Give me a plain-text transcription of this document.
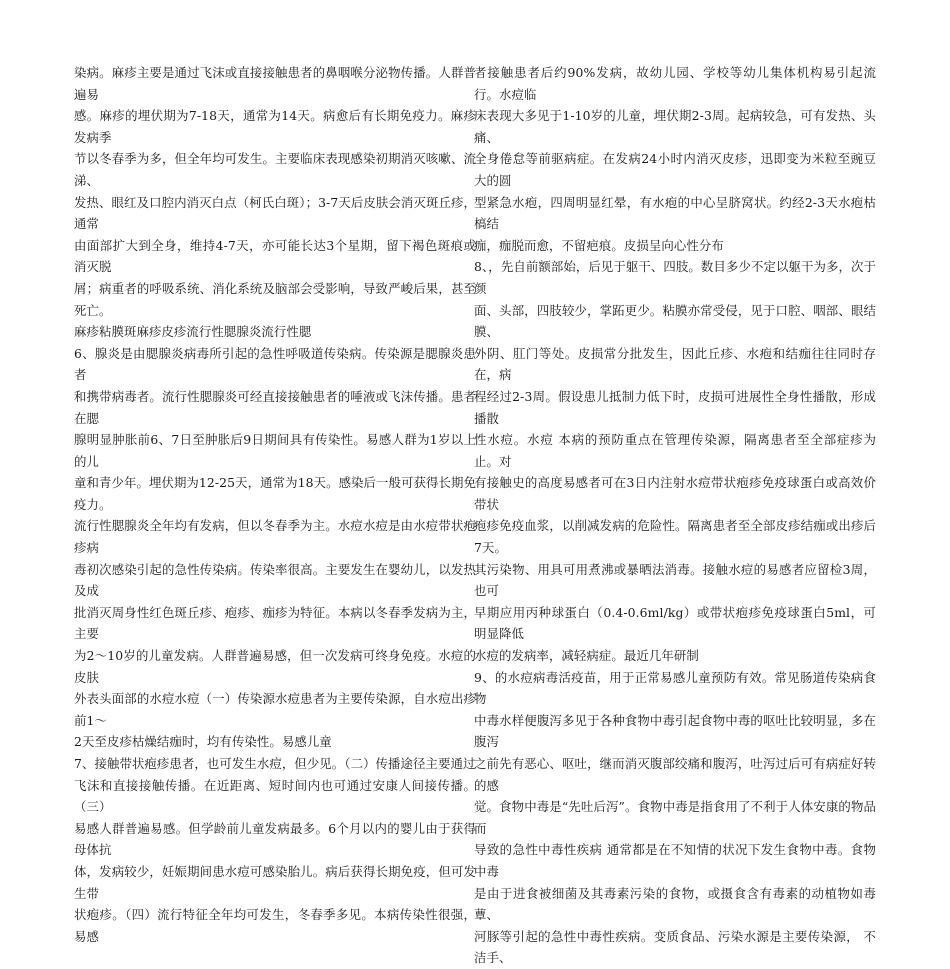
染病。麻疹主要是通过飞沫或直接接触患者的鼻咽喉分泌物传播。人群普遍易
感。麻疹的埋伏期为7-18天，通常为14天。病愈后有长期免疫力。麻疹发病季
节以冬春季为多，但全年均可发生。主要临床表现感染初期消灭咳嗽、流涕、
发热、眼红及口腔内消灭白点（柯氏白斑）；3-7天后皮肤会消灭斑丘疹，通常
由面部扩大到全身，维持4-7天，亦可能长达3个星期，留下褐色斑痕或消灭脱
屑；病重者的呼吸系统、消化系统及脑部会受影响，导致严峻后果，甚至死亡。
麻疹粘膜斑麻疹皮疹流行性腮腺炎流行性腮

6、腺炎是由腮腺炎病毒所引起的急性呼吸道传染病。传染源是腮腺炎患者
和携带病毒者。流行性腮腺炎可经直接接触患者的唾液或飞沫传播。患者在腮
腺明显肿胀前6、7日至肿胀后9日期间具有传染性。易感人群为1岁以上的儿
童和青少年。埋伏期为12-25天，通常为18天。感染后一般可获得长期免疫力。
流行性腮腺炎全年均有发病，但以冬春季为主。水痘水痘是由水痘带状疱疹病
毒初次感染引起的急性传染病。传染率很高。主要发生在婴幼儿，以发热及成
批消灭周身性红色斑丘疹、疱疹、痂疹为特征。本病以冬春季发病为主，主要
为2～10岁的儿童发病。人群普遍易感，但一次发病可终身免疫。水痘的皮肤
外表头面部的水痘水痘（一）传染源水痘患者为主要传染源，自水痘出疹前1～
2天至皮疹枯燥结痂时，均有传染性。易感儿童

7、接触带状疱疹患者，也可发生水痘，但少见。（二）传播途径主要通过
飞沫和直接接触传播。在近距离、短时间内也可通过安康人间接传播。（三）
易感人群普遍易感。但学龄前儿童发病最多。6个月以内的婴儿由于获得母体抗
体，发病较少，妊娠期间患水痘可感染胎儿。病后获得长期免疫，但可发生带
状疱疹。（四）流行特征全年均可发生，冬春季多见。本病传染性很强，易感

者接触患者后约90%发病，故幼儿园、学校等幼儿集体机构易引起流行。水痘临
床表现大多见于1-10岁的儿童，埋伏期2-3周。起病较急，可有发热、头痛、
全身倦怠等前驱病症。在发病24小时内消灭皮疹，迅即变为米粒至豌豆大的圆
型紧急水疱，四周明显红晕，有水疱的中心呈脐窝状。约经2-3天水疱枯槁结
痂，痂脱而愈，不留疤痕。皮损呈向心性分布

8、，先自前额部始，后见于躯干、四肢。数目多少不定以躯干为多，次于颜
面、头部，四肢较少，掌跖更少。粘膜亦常受侵，见于口腔、咽部、眼结膜、
外阴、肛门等处。皮损常分批发生，因此丘疹、水疱和结痂往往同时存在，病
程经过2-3周。假设患儿抵制力低下时，皮损可进展性全身性播散，形成播散
性水痘。水痘 本病的预防重点在管理传染源，隔离患者至全部症疹为止。对
有接触史的高度易感者可在3日内注射水痘带状疱疹免疫球蛋白或高效价带状
疱疹免疫血浆，以削减发病的危险性。隔离患者至全部皮疹结痂或出疹后7天。
其污染物、用具可用煮沸或暴晒法消毒。接触水痘的易感者应留检3周，也可
早期应用丙种球蛋白（0.4-0.6ml/kg）或带状疱疹免疫球蛋白5ml，可明显降低
水痘的发病率，减轻病症。最近几年研制

9、的水痘病毒活疫苗，用于正常易感儿童预防有效。常见肠道传染病食物
中毒水样便腹泻多见于各种食物中毒引起食物中毒的呕吐比较明显，多在腹泻
之前先有恶心、呕吐，继而消灭腹部绞痛和腹泻，吐泻过后可有病症好转的感
觉。食物中毒是“先吐后泻”。食物中毒是指食用了不利于人体安康的物品而
导致的急性中毒性疾病 通常都是在不知情的状况下发生食物中毒。食物中毒
是由于进食被细菌及其毒素污染的食物，或摄食含有毒素的动植物如毒蕈、
河豚等引起的急性中毒性疾病。变质食品、污染水源是主要传染源， 不洁手、
